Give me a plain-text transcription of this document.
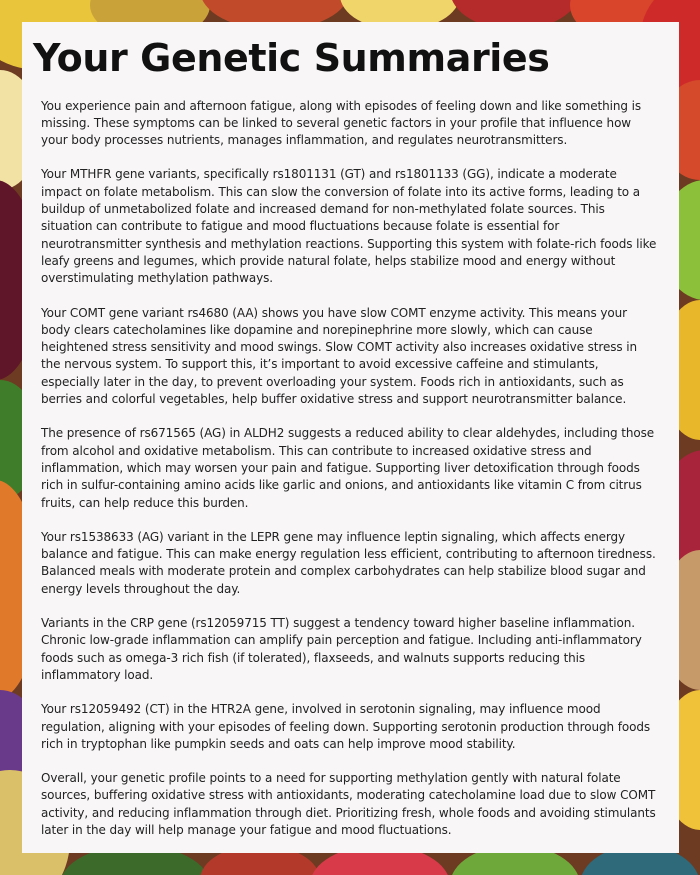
Your Genetic Summaries

You experience pain and afternoon fatigue, along with episodes of feeling down and like something is missing. These symptoms can be linked to several genetic factors in your profile that influence how your body processes nutrients, manages inflammation, and regulates neurotransmitters.

Your MTHFR gene variants, specifically rs1801131 (GT) and rs1801133 (GG), indicate a moderate impact on folate metabolism. This can slow the conversion of folate into its active forms, leading to a buildup of unmetabolized folate and increased demand for non-methylated folate sources. This situation can contribute to fatigue and mood fluctuations because folate is essential for neurotransmitter synthesis and methylation reactions. Supporting this system with folate-rich foods like leafy greens and legumes, which provide natural folate, helps stabilize mood and energy without overstimulating methylation pathways.

Your COMT gene variant rs4680 (AA) shows you have slow COMT enzyme activity. This means your body clears catecholamines like dopamine and norepinephrine more slowly, which can cause heightened stress sensitivity and mood swings. Slow COMT activity also increases oxidative stress in the nervous system. To support this, it’s important to avoid excessive caffeine and stimulants, especially later in the day, to prevent overloading your system. Foods rich in antioxidants, such as berries and colorful vegetables, help buffer oxidative stress and support neurotransmitter balance.

The presence of rs671565 (AG) in ALDH2 suggests a reduced ability to clear aldehydes, including those from alcohol and oxidative metabolism. This can contribute to increased oxidative stress and inflammation, which may worsen your pain and fatigue. Supporting liver detoxification through foods rich in sulfur-containing amino acids like garlic and onions, and antioxidants like vitamin C from citrus fruits, can help reduce this burden.

Your rs1538633 (AG) variant in the LEPR gene may influence leptin signaling, which affects energy balance and fatigue. This can make energy regulation less efficient, contributing to afternoon tiredness. Balanced meals with moderate protein and complex carbohydrates can help stabilize blood sugar and energy levels throughout the day.

Variants in the CRP gene (rs12059715 TT) suggest a tendency toward higher baseline inflammation. Chronic low-grade inflammation can amplify pain perception and fatigue. Including anti-inflammatory foods such as omega-3 rich fish (if tolerated), flaxseeds, and walnuts supports reducing this inflammatory load.

Your rs12059492 (CT) in the HTR2A gene, involved in serotonin signaling, may influence mood regulation, aligning with your episodes of feeling down. Supporting serotonin production through foods rich in tryptophan like pumpkin seeds and oats can help improve mood stability.

Overall, your genetic profile points to a need for supporting methylation gently with natural folate sources, buffering oxidative stress with antioxidants, moderating catecholamine load due to slow COMT activity, and reducing inflammation through diet. Prioritizing fresh, whole foods and avoiding stimulants later in the day will help manage your fatigue and mood fluctuations.
